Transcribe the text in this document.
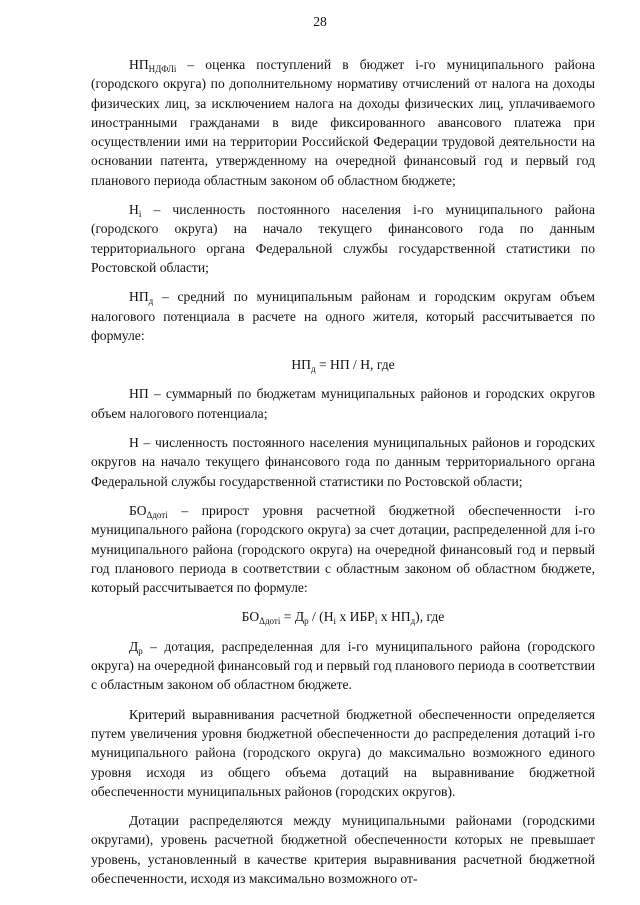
28

$НП_{НДФЛi}$ – оценка поступлений в бюджет i-го муниципального района (городского округа) по дополнительному нормативу отчислений от налога на доходы физических лиц, за исключением налога на доходы физических лиц, уплачиваемого иностранными гражданами в виде фиксированного авансового платежа при осуществлении ими на территории Российской Федерации трудовой деятельности на основании патента, утвержденному на очередной финансовый год и первый год планового периода областным законом об областном бюджете;

$Н_i$ – численность постоянного населения i-го муниципального района (городского округа) на начало текущего финансового года по данным территориального органа Федеральной службы государственной статистики по Ростовской области;

$НП_д$ – средний по муниципальным районам и городским округам объем налогового потенциала в расчете на одного жителя, который рассчитывается по формуле:

$НП_д$ = НП / Н, где

НП – суммарный по бюджетам муниципальных районов и городских округов объем налогового потенциала;

Н – численность постоянного населения муниципальных районов и городских округов на начало текущего финансового года по данным территориального органа Федеральной службы государственной статистики по Ростовской области;

$БО_{\Delta дотi}$ – прирост уровня расчетной бюджетной обеспеченности i-го муниципального района (городского округа) за счет дотации, распределенной для i-го муниципального района (городского округа) на очередной финансовый год и первый год планового периода в соответствии с областным законом об областном бюджете, который рассчитывается по формуле:

$БО_{\Delta дотi} = Д_р / (Н_i$ х $ИБР_i$ х $НП_д$), где

$Д_р$ – дотация, распределенная для i-го муниципального района (городского округа) на очередной финансовый год и первый год планового периода в соответствии с областным законом об областном бюджете.

Критерий выравнивания расчетной бюджетной обеспеченности определяется путем увеличения уровня бюджетной обеспеченности до распределения дотаций i-го муниципального района (городского округа) до максимально возможного единого уровня исходя из общего объема дотаций на выравнивание бюджетной обеспеченности муниципальных районов (городских округов).

Дотации распределяются между муниципальными районами (городскими округами), уровень расчетной бюджетной обеспеченности которых не превышает уровень, установленный в качестве критерия выравнивания расчетной бюджетной обеспеченности, исходя из максимально возможного от-
